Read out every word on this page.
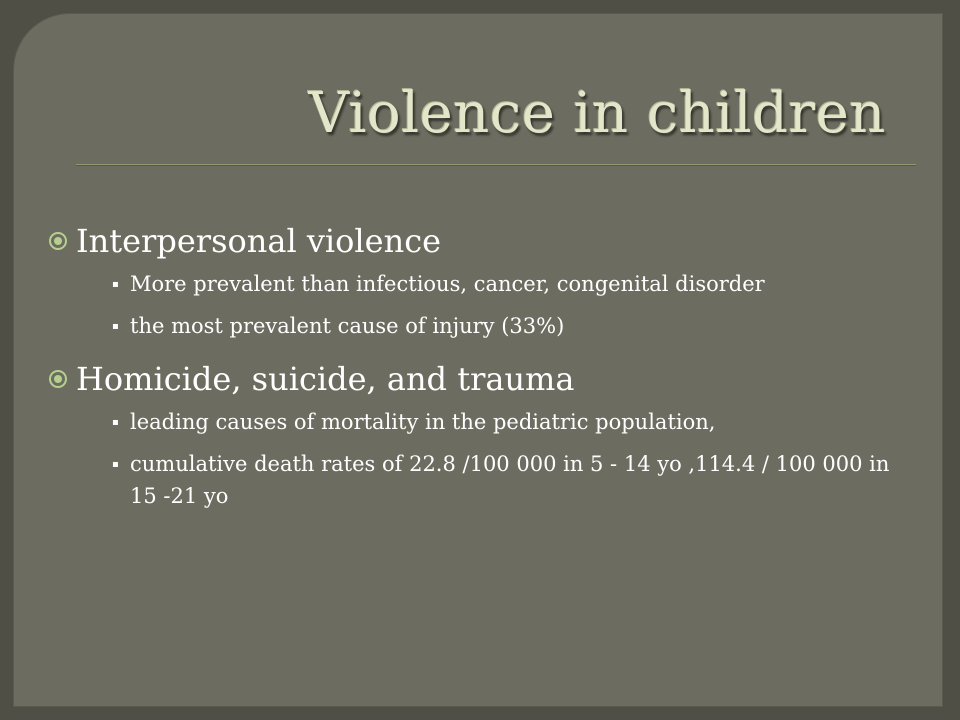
Violence in children
Interpersonal violence
▪ More prevalent than infectious, cancer, congenital disorder
▪ the most prevalent cause of injury (33%)
Homicide, suicide, and trauma
▪ leading causes of mortality in the pediatric population,
▪ cumulative death rates of 22.8 /100 000 in 5 - 14 yo ,114.4 / 100 000 in 15 -21 yo
